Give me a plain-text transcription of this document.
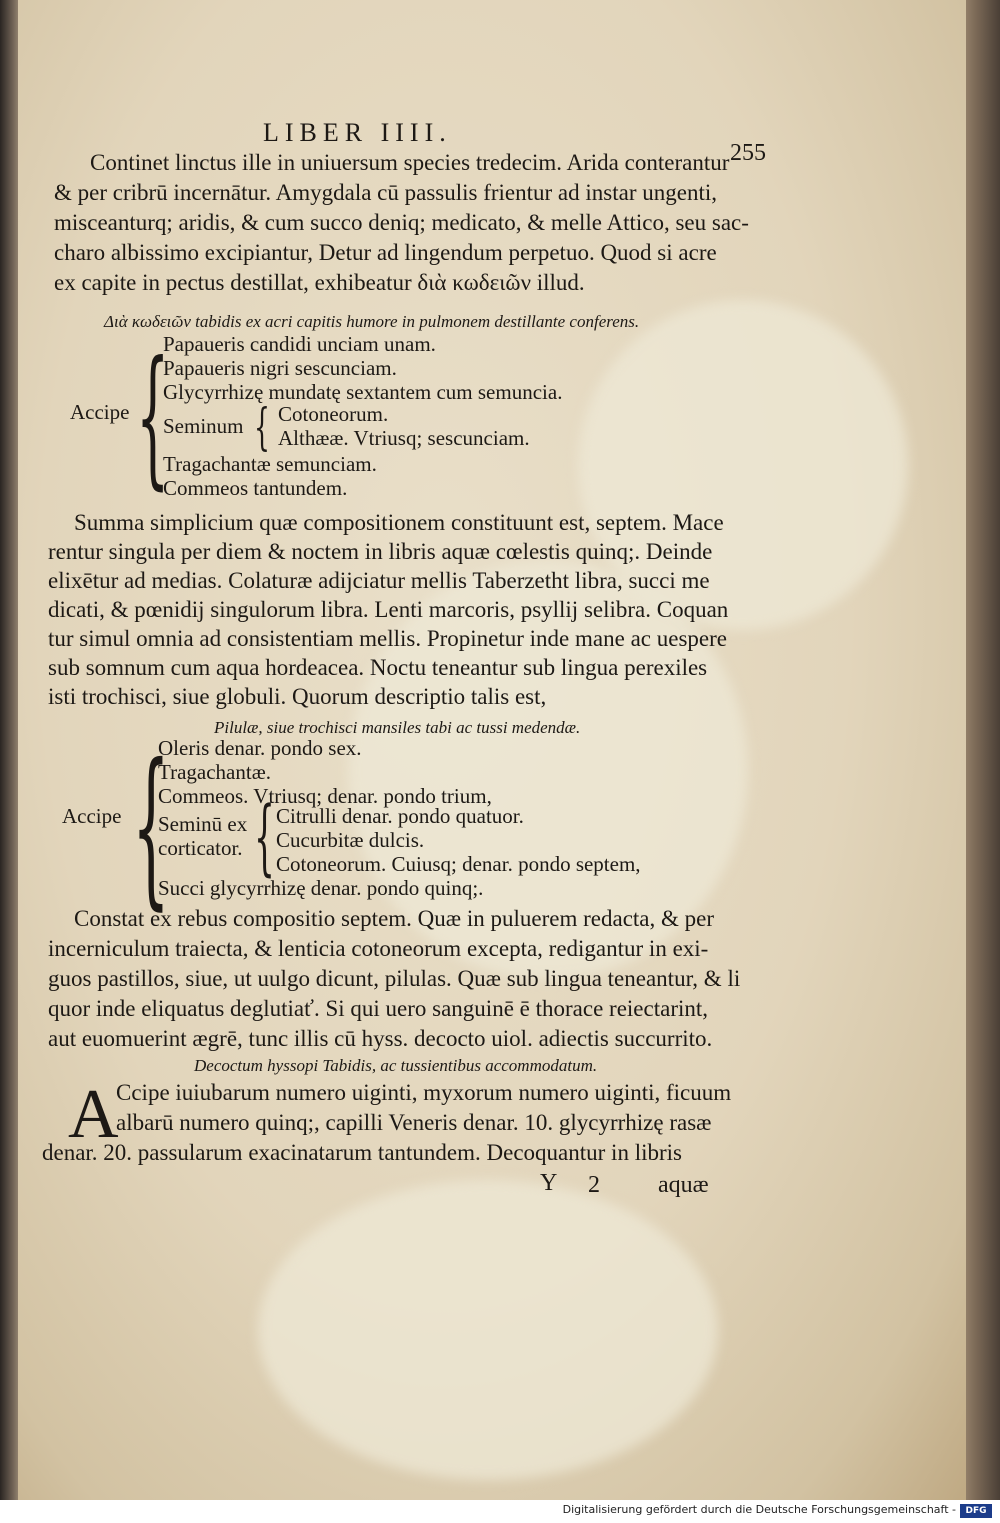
LIBER IIII.
255
Continet linctus ille in uniuersum species tredecim. Arida conterantur
& per cribrū incernātur. Amygdala cū passulis frientur ad instar ungenti,
misceanturq; aridis, & cum succo deniq; medicato, & melle Attico, seu sac-
charo albissimo excipiantur, Detur ad lingendum perpetuo. Quod si acre
ex capite in pectus destillat, exhibeatur διὰ κωδειῶν illud.
Διὰ κωδειῶν tabidis ex acri capitis humore in pulmonem destillante conferens.
Accipe {
Papaueris candidi unciam unam.
Papaueris nigri sescunciam.
Glycyrrhizę mundatę sextantem cum semuncia.
Seminum { Cotoneorum.
Althææ. Vtriusq; sescunciam.
Tragachantæ semunciam.
Commeos tantundem.
Summa simplicium quæ compositionem constituunt est, septem. Mace
rentur singula per diem & noctem in libris aquæ cœlestis quinq;. Deinde
elixētur ad medias. Colaturæ adijciatur mellis Taberzetht libra, succi me
dicati, & pœnidij singulorum libra. Lenti marcoris, psyllij selibra. Coquan
tur simul omnia ad consistentiam mellis. Propinetur inde mane ac uespere
sub somnum cum aqua hordeacea. Noctu teneantur sub lingua perexiles
isti trochisci, siue globuli. Quorum descriptio talis est,
Pilulæ, siue trochisci mansiles tabi ac tussi medendæ.
Accipe {
Oleris denar. pondo sex.
Tragachantæ.
Commeos. Vtriusq; denar. pondo trium,
Seminū ex
corticator. { Citrulli denar. pondo quatuor.
Cucurbitæ dulcis.
Cotoneorum. Cuiusq; denar. pondo septem,
Succi glycyrrhizę denar. pondo quinq;.
Constat ex rebus compositio septem. Quæ in puluerem redacta, & per
incerniculum traiecta, & lenticia cotoneorum excepta, redigantur in exi-
guos pastillos, siue, ut uulgo dicunt, pilulas. Quæ sub lingua teneantur, & li
quor inde eliquatus deglutiať. Si qui uero sanguinē ē thorace reiectarint,
aut euomuerint ægrē, tunc illis cū hyss. decocto uiol. adiectis succurrito.
Decoctum hyssopi Tabidis, ac tussientibus accommodatum.
A
Ccipe iuiubarum numero uiginti, myxorum numero uiginti, ficuum
albarū numero quinq;, capilli Veneris denar. 10. glycyrrhizę rasæ
denar. 20. passularum exacinatarum tantundem. Decoquantur in libris
Y 2 aquæ
Digitalisierung gefördert durch die Deutsche Forschungsgemeinschaft -	DFG
